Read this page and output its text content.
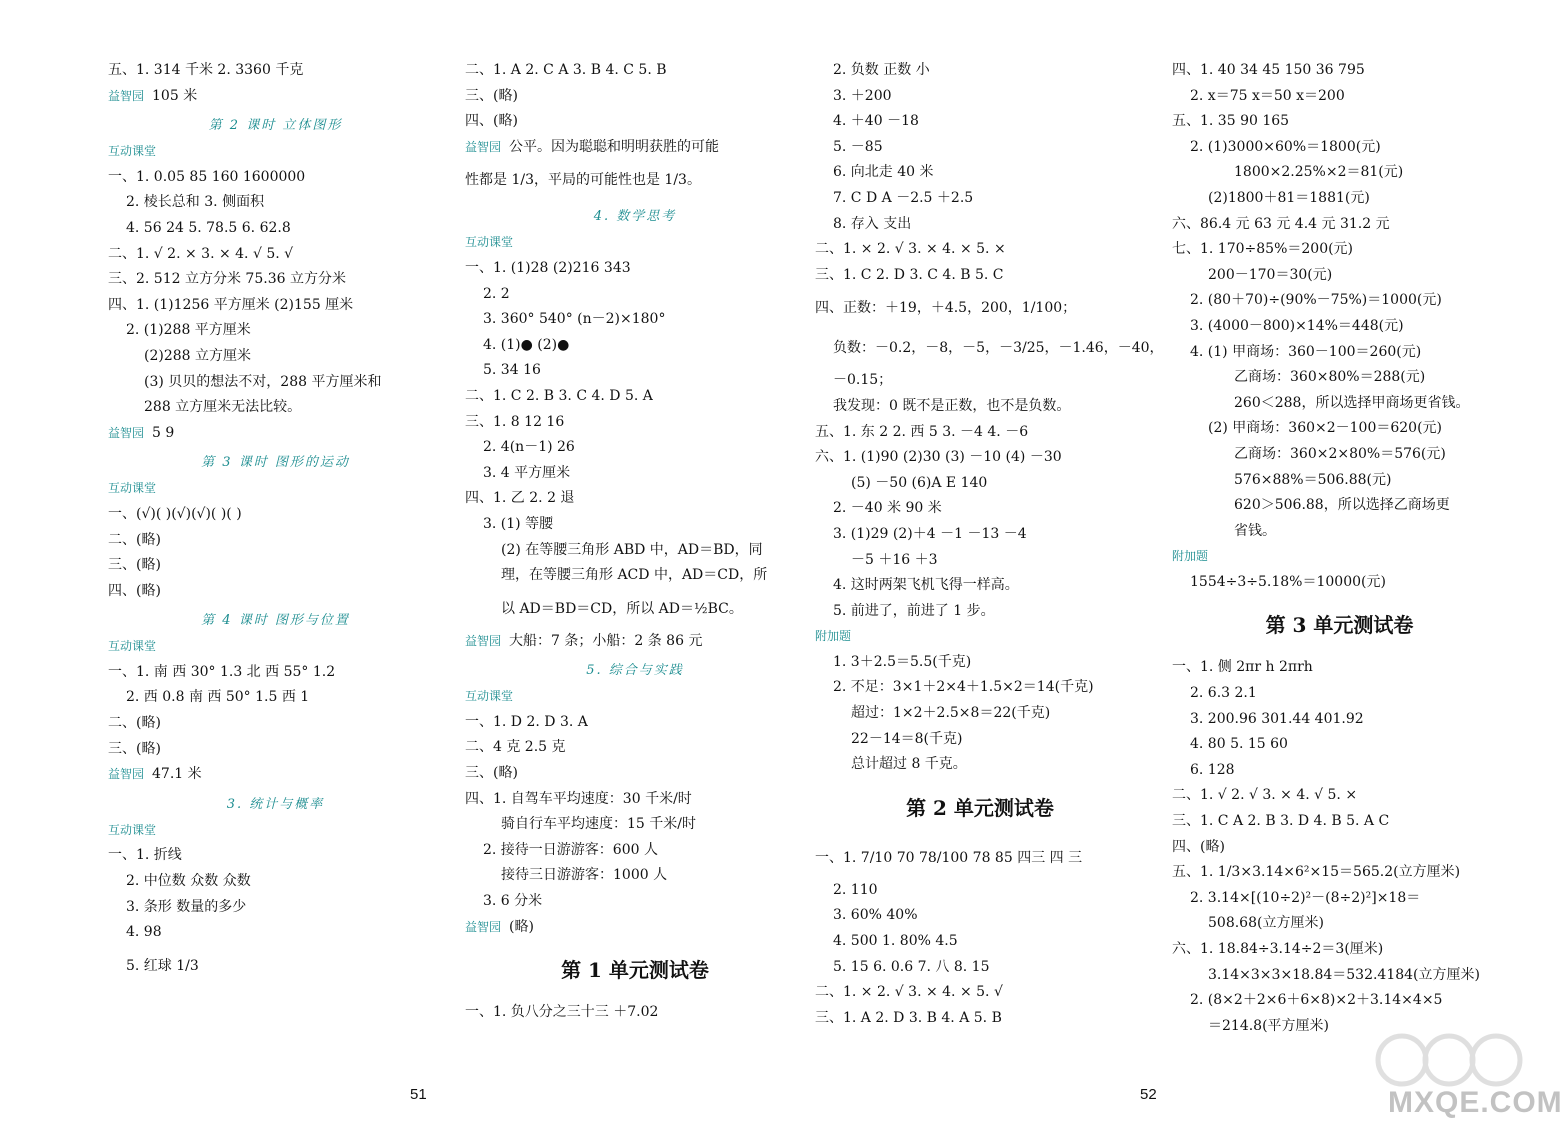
五、1. 314 千米 2. 3360 千克
益智园 105 米
第 2 课时 立体图形
互动课堂
一、1. 0.05 85 160 1600000
2. 棱长总和 3. 侧面积
4. 56 24 5. 78.5 6. 62.8
二、1. √ 2. × 3. × 4. √ 5. √
三、2. 512 立方分米 75.36 立方分米
四、1. (1)1256 平方厘米 (2)155 厘米
2. (1)288 平方厘米
(2)288 立方厘米
(3) 贝贝的想法不对，288 平方厘米和
288 立方厘米无法比较。
益智园 5 9
第 3 课时 图形的运动
互动课堂
一、(√)( )(√)(√)( )( )
二、(略)
三、(略)
四、(略)
第 4 课时 图形与位置
互动课堂
一、1. 南 西 30° 1.3 北 西 55° 1.2
2. 西 0.8 南 西 50° 1.5 西 1
二、(略)
三、(略)
益智园 47.1 米
3. 统计与概率
互动课堂
一、1. 折线
2. 中位数 众数 众数
3. 条形 数量的多少
4. 98
5. 红球 1/3
二、1. A 2. C A 3. B 4. C 5. B
三、(略)
四、(略)
益智园 公平。因为聪聪和明明获胜的可能
性都是 1/3，平局的可能性也是 1/3。
4. 数学思考
互动课堂
一、1. (1)28 (2)216 343
2. 2
3. 360° 540° (n－2)×180°
4. (1)● (2)●
5. 34 16
二、1. C 2. B 3. C 4. D 5. A
三、1. 8 12 16
2. 4(n－1) 26
3. 4 平方厘米
四、1. 乙 2. 2 退
3. (1) 等腰
(2) 在等腰三角形 ABD 中，AD＝BD，同
理，在等腰三角形 ACD 中，AD＝CD，所
以 AD＝BD＝CD，所以 AD＝½BC。
益智园 大船：7 条；小船：2 条 86 元
5. 综合与实践
互动课堂
一、1. D 2. D 3. A
二、4 克 2.5 克
三、(略)
四、1. 自驾车平均速度：30 千米/时
骑自行车平均速度：15 千米/时
2. 接待一日游游客：600 人
接待三日游游客：1000 人
3. 6 分米
益智园 (略)
第 1 单元测试卷
一、1. 负八分之三十三 ＋7.02
2. 负数 正数 小
3. ＋200
4. ＋40 －18
5. －85
6. 向北走 40 米
7. C D A －2.5 ＋2.5
8. 存入 支出
二、1. × 2. √ 3. × 4. × 5. ×
三、1. C 2. D 3. C 4. B 5. C
四、正数：＋19，＋4.5，200，1/100；
负数：－0.2，－8，－5，－3/25，－1.46，－40，
－0.15；
我发现：0 既不是正数，也不是负数。
五、1. 东 2 2. 西 5 3. －4 4. －6
六、1. (1)90 (2)30 (3) －10 (4) －30
(5) －50 (6)A E 140
2. －40 米 90 米
3. (1)29 (2)＋4 －1 －13 －4
－5 ＋16 ＋3
4. 这时两架飞机飞得一样高。
5. 前进了，前进了 1 步。
附加题
1. 3＋2.5＝5.5(千克)
2. 不足：3×1＋2×4＋1.5×2＝14(千克)
超过：1×2＋2.5×8＝22(千克)
22－14＝8(千克)
总计超过 8 千克。
第 2 单元测试卷
一、1. 7/10 70 78/100 78 85 四三 四 三
2. 110
3. 60% 40%
4. 500 1. 80% 4.5
5. 15 6. 0.6 7. 八 8. 15
二、1. × 2. √ 3. × 4. × 5. √
三、1. A 2. D 3. B 4. A 5. B
四、1. 40 34 45 150 36 795
2. x＝75 x＝50 x＝200
五、1. 35 90 165
2. (1)3000×60%＝1800(元)
1800×2.25%×2＝81(元)
(2)1800＋81＝1881(元)
六、86.4 元 63 元 4.4 元 31.2 元
七、1. 170÷85%＝200(元)
200－170＝30(元)
2. (80＋70)÷(90%－75%)＝1000(元)
3. (4000－800)×14%＝448(元)
4. (1) 甲商场：360－100＝260(元)
乙商场：360×80%＝288(元)
260＜288，所以选择甲商场更省钱。
(2) 甲商场：360×2－100＝620(元)
乙商场：360×2×80%＝576(元)
576×88%＝506.88(元)
620＞506.88，所以选择乙商场更
省钱。
附加题
1554÷3÷5.18%＝10000(元)
第 3 单元测试卷
一、1. 侧 2πr h 2πrh
2. 6.3 2.1
3. 200.96 301.44 401.92
4. 80 5. 15 60
6. 128
二、1. √ 2. √ 3. × 4. √ 5. ×
三、1. C A 2. B 3. D 4. B 5. A C
四、(略)
五、1. 1/3×3.14×6²×15＝565.2(立方厘米)
2. 3.14×[(10÷2)²－(8÷2)²]×18＝
508.68(立方厘米)
六、1. 18.84÷3.14÷2＝3(厘米)
3.14×3×3×18.84＝532.4184(立方厘米)
2. (8×2＋2×6＋6×8)×2＋3.14×4×5
＝214.8(平方厘米)
51	52	MXQE.COM
